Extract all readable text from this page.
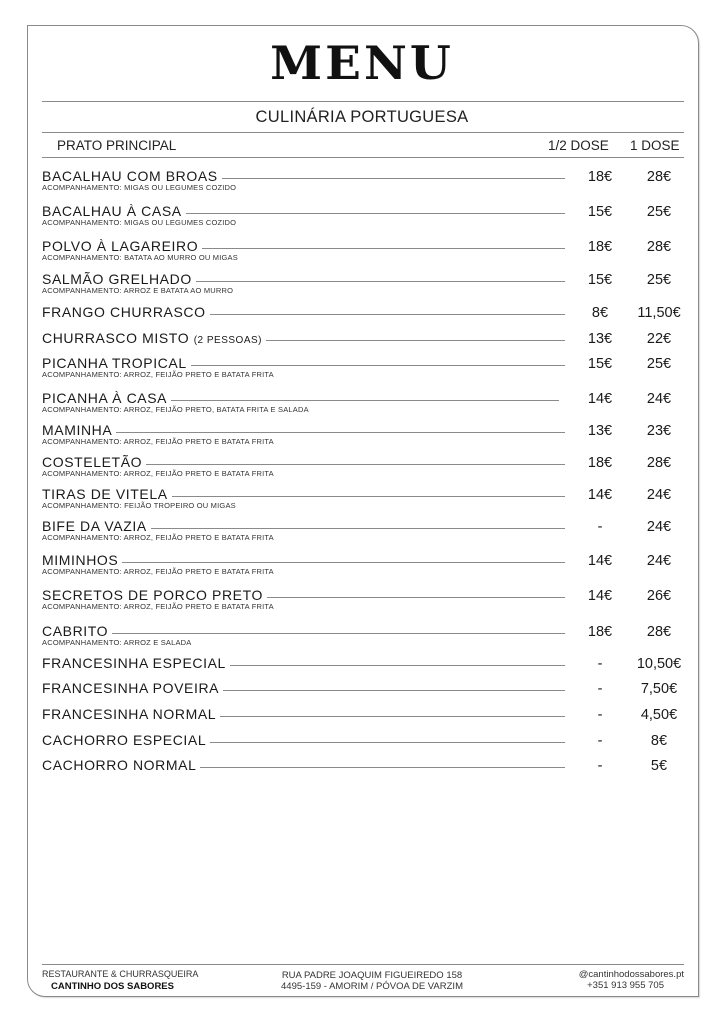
MENU
CULINÁRIA PORTUGUESA
PRATO PRINCIPAL	1/2 DOSE 1 DOSE
BACALHAU COM BROAS	18€	28€
ACOMPANHAMENTO: MIGAS OU LEGUMES COZIDO
BACALHAU À CASA	15€	25€
ACOMPANHAMENTO: MIGAS OU LEGUMES COZIDO
POLVO À LAGAREIRO	18€	28€
ACOMPANHAMENTO: BATATA AO MURRO OU MIGAS
SALMÃO GRELHADO	15€	25€
ACOMPANHAMENTO: ARROZ E BATATA AO MURRO
FRANGO CHURRASCO	8€	11,50€
CHURRASCO MISTO (2 PESSOAS)	13€	22€
PICANHA TROPICAL	15€	25€
ACOMPANHAMENTO: ARROZ, FEIJÃO PRETO E BATATA FRITA
PICANHA À CASA	14€	24€
ACOMPANHAMENTO: ARROZ, FEIJÃO PRETO, BATATA FRITA E SALADA
MAMINHA	13€	23€
ACOMPANHAMENTO: ARROZ, FEIJÃO PRETO E BATATA FRITA
COSTELETÃO	18€	28€
ACOMPANHAMENTO: ARROZ, FEIJÃO PRETO E BATATA FRITA
TIRAS DE VITELA	14€	24€
ACOMPANHAMENTO: FEIJÃO TROPEIRO OU MIGAS
BIFE DA VAZIA	-	24€
ACOMPANHAMENTO: ARROZ, FEIJÃO PRETO E BATATA FRITA
MIMINHOS	14€	24€
ACOMPANHAMENTO: ARROZ, FEIJÃO PRETO E BATATA FRITA
SECRETOS DE PORCO PRETO	14€	26€
ACOMPANHAMENTO: ARROZ, FEIJÃO PRETO E BATATA FRITA
CABRITO	18€	28€
ACOMPANHAMENTO: ARROZ E SALADA
FRANCESINHA ESPECIAL	-	10,50€
FRANCESINHA POVEIRA	-	7,50€
FRANCESINHA NORMAL	-	4,50€
CACHORRO ESPECIAL	-	8€
CACHORRO NORMAL	-	5€
RESTAURANTE & CHURRASQUEIRA
CANTINHO DOS SABORES
RUA PADRE JOAQUIM FIGUEIREDO 158
4495-159 - AMORIM / PÓVOA DE VARZIM
@cantinhodossabores.pt
+351 913 955 705
